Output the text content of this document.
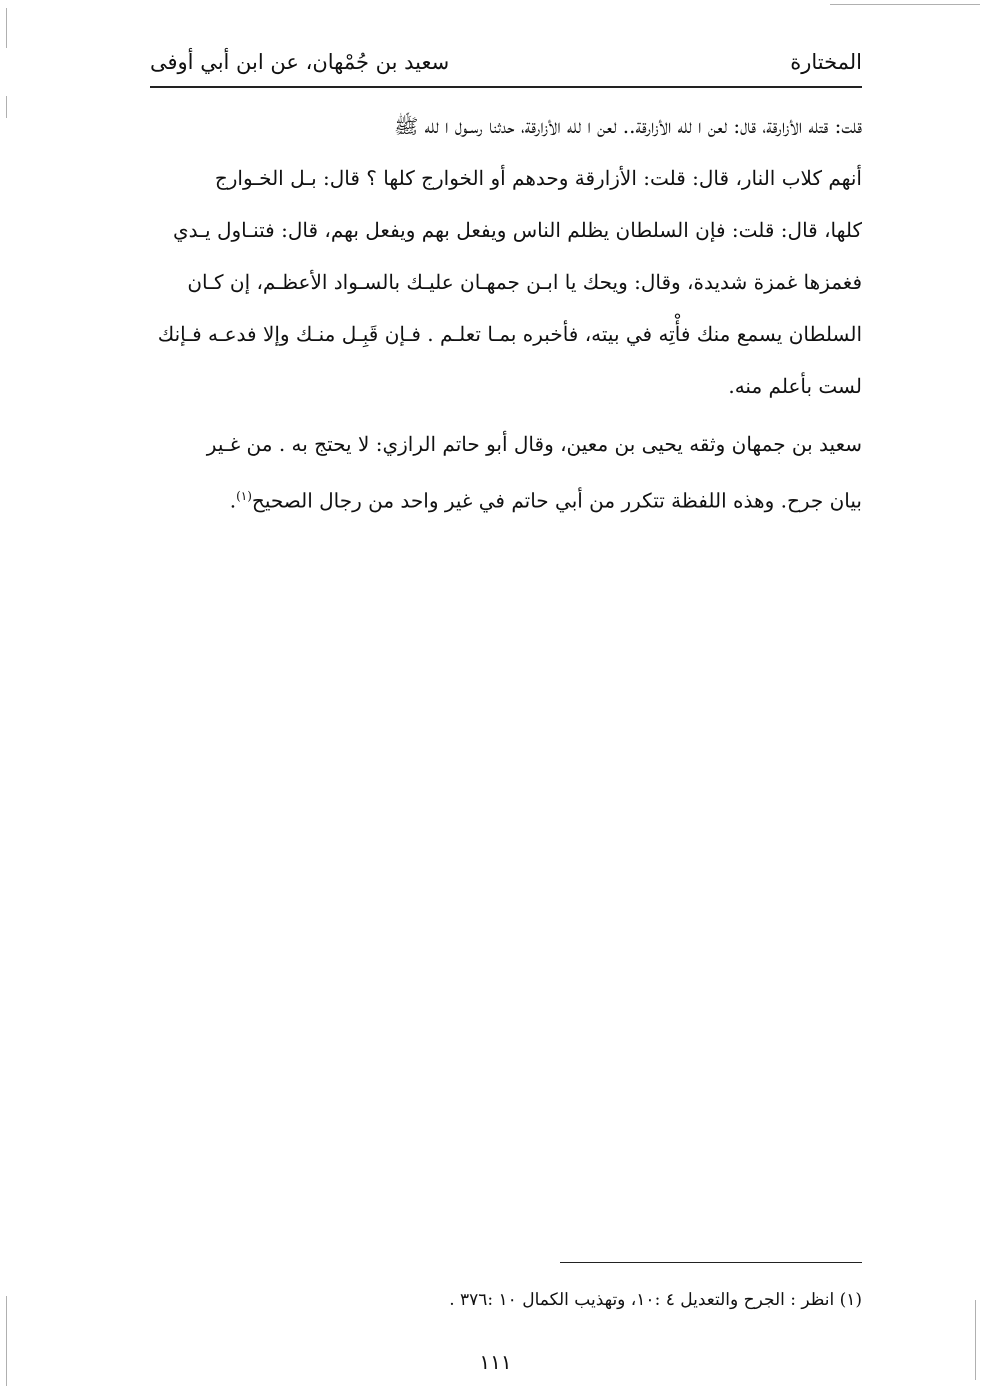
المختارة
سعيد بن جُمْهان، عن ابن أبي أوفى
قلت: قتله الأزارقة، قال: لعن ا لله الأزارقة.. لعن ا لله الأزارقة، حدثنا رسـول ا لله ﷺ
أنهم كلاب النار، قال: قلت: الأزارقة وحدهم أو الخوارج كلها ؟ قال: بـل الخـوارج
كلها، قال: قلت: فإن السلطان يظلم الناس ويفعل بهم ويفعل بهم، قال: فتنـاول يـدي
فغمزها غمزة شديدة، وقال: ويحك يا ابـن جمهـان عليـك بالسـواد الأعظـم، إن كـان
السلطان يسمع منك فأْتِه في بيته، فأخبره بمـا تعلـم . فـإن قَبِـل منـك وإلا فدعـه فـإنك
لست بأعلم منه.
سعيد بن جمهان وثقه يحيى بن معين، وقال أبو حاتم الرازي: لا يحتج به . من غـير
بيان جرح. وهذه اللفظة تتكرر من أبي حاتم في غير واحد من رجال الصحيح$^{(١)}$.
(١) انظر : الجرح والتعديل ٤ :١٠، وتهذيب الكمال ١٠ :٣٧٦ .
١١١
